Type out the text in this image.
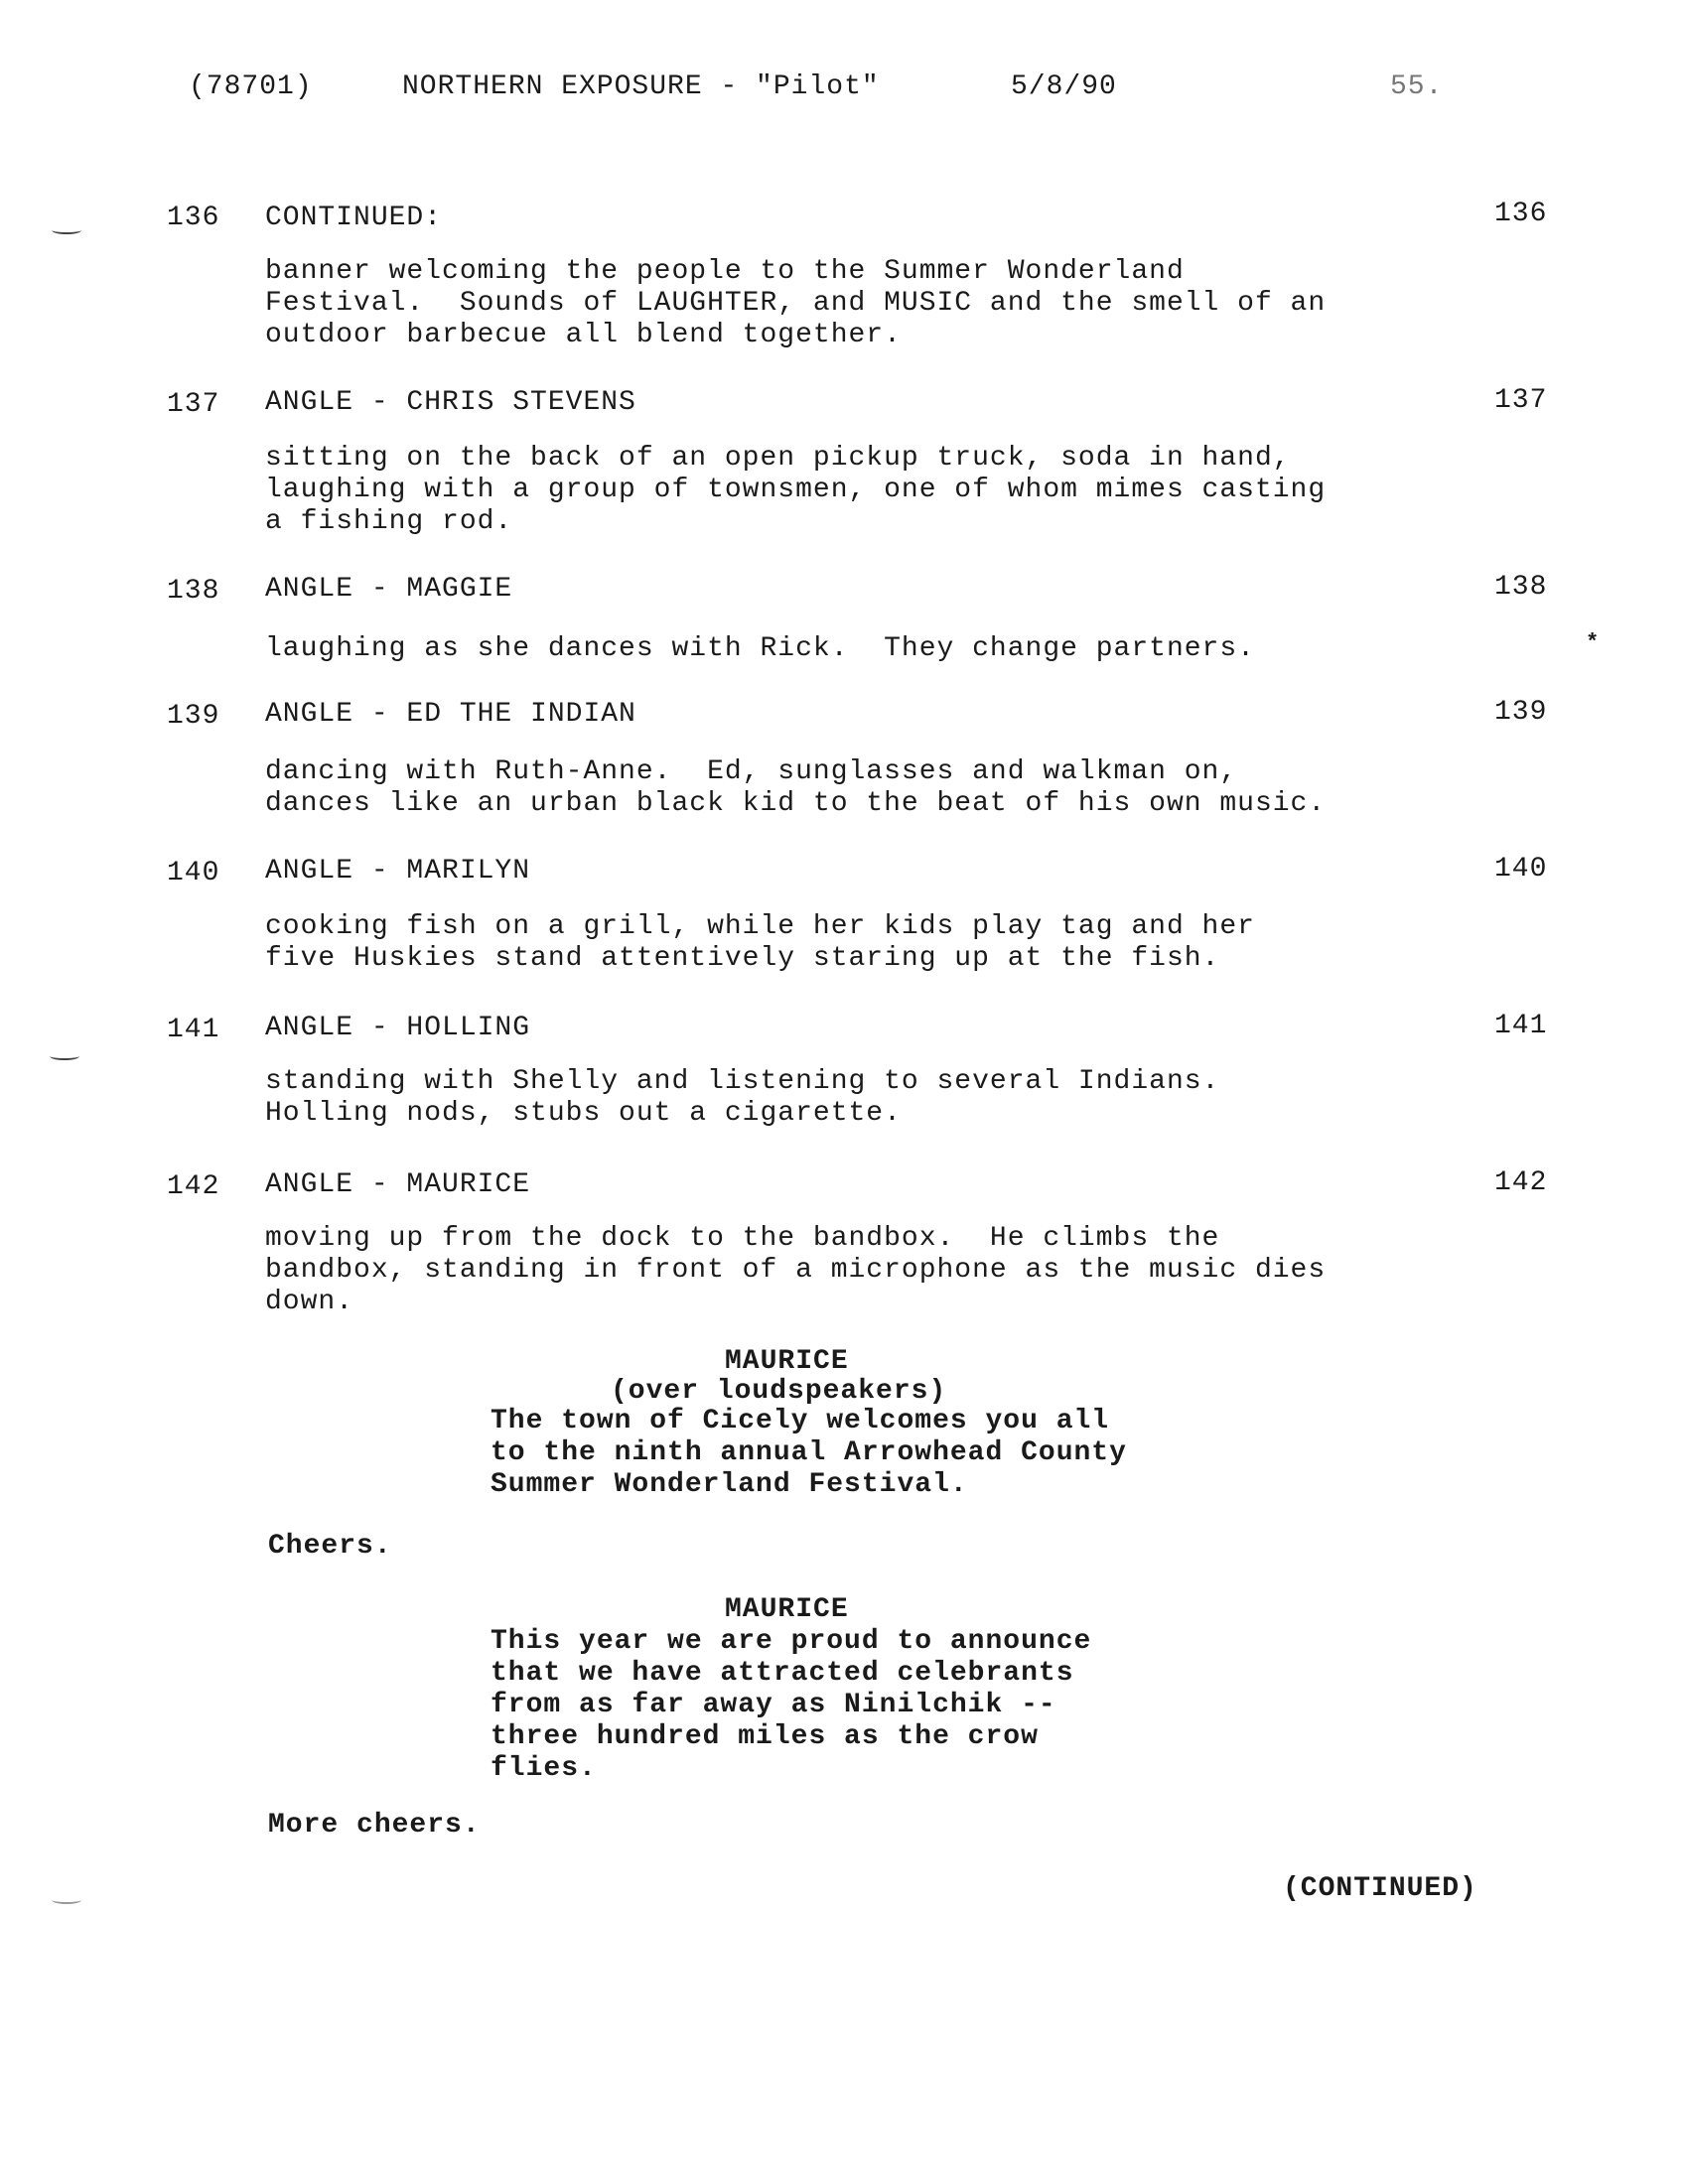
(78701)	NORTHERN EXPOSURE - "Pilot"	5/8/90	55.
136 CONTINUED:	136
banner welcoming the people to the Summer Wonderland
Festival.  Sounds of LAUGHTER, and MUSIC and the smell of an
outdoor barbecue all blend together.
137 ANGLE - CHRIS STEVENS	137
sitting on the back of an open pickup truck, soda in hand,
laughing with a group of townsmen, one of whom mimes casting
a fishing rod.
138 ANGLE - MAGGIE	138
laughing as she dances with Rick.  They change partners.	*
139 ANGLE - ED THE INDIAN	139
dancing with Ruth-Anne.  Ed, sunglasses and walkman on,
dances like an urban black kid to the beat of his own music.
140 ANGLE - MARILYN	140
cooking fish on a grill, while her kids play tag and her
five Huskies stand attentively staring up at the fish.
141 ANGLE - HOLLING	141
standing with Shelly and listening to several Indians.
Holling nods, stubs out a cigarette.
142 ANGLE - MAURICE	142
moving up from the dock to the bandbox.  He climbs the
bandbox, standing in front of a microphone as the music dies
down.
MAURICE
(over loudspeakers)
The town of Cicely welcomes you all
to the ninth annual Arrowhead County
Summer Wonderland Festival.
Cheers.
MAURICE
This year we are proud to announce
that we have attracted celebrants
from as far away as Ninilchik --
three hundred miles as the crow
flies.
More cheers.
(CONTINUED)
